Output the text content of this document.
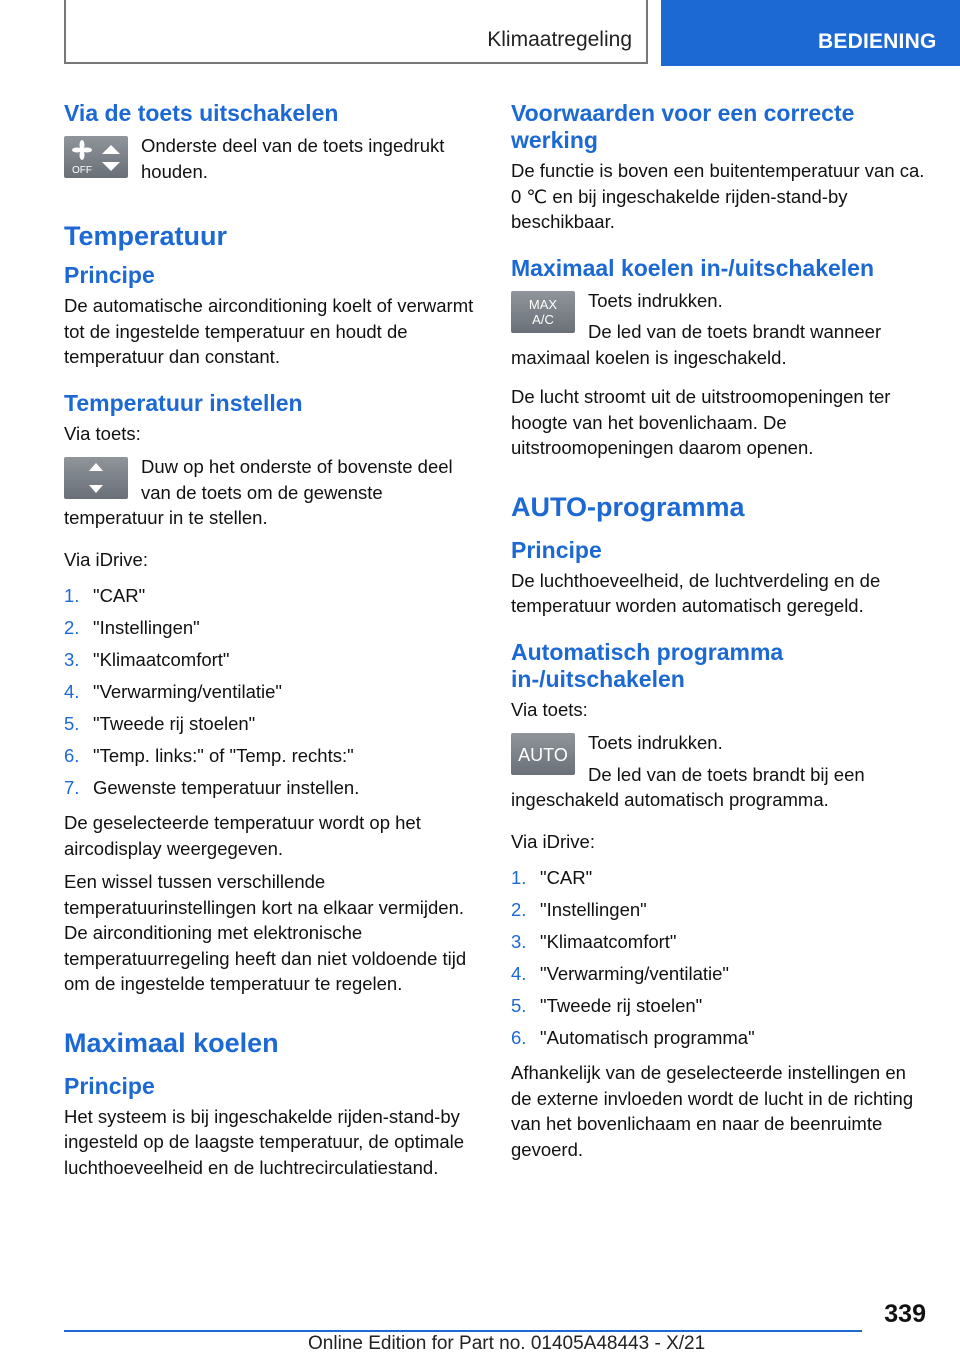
Klimaatregeling	BEDIENING
Via de toets uitschakelen
OFF

Onderste deel van de toets ingedrukt houden.

Temperatuur
Principe

De automatische airconditioning koelt of verwarmt tot de ingestelde temperatuur en houdt de temperatuur dan constant.

Temperatuur instellen

Via toets:

Duw op het onderste of bovenste deel van de toets om de gewenste temperatuur in te stellen.

Via iDrive:

1. "CAR"
2. "Instellingen"
3. "Klimaatcomfort"
4. "Verwarming/ventilatie"
5. "Tweede rij stoelen"
6. "Temp. links:" of "Temp. rechts:"
7. Gewenste temperatuur instellen.

De geselecteerde temperatuur wordt op het aircodisplay weergegeven.

Een wissel tussen verschillende temperatuurinstellingen kort na elkaar vermijden. De airconditioning met elektronische temperatuurregeling heeft dan niet voldoende tijd om de ingestelde temperatuur te regelen.

Maximaal koelen
Principe

Het systeem is bij ingeschakelde rijden-stand-by ingesteld op de laagste temperatuur, de optimale luchthoeveelheid en de luchtrecirculatiestand.

Voorwaarden voor een correcte werking

De functie is boven een buitentemperatuur van ca. 0 ℃ en bij ingeschakelde rijden-stand-by beschikbaar.

Maximaal koelen in-/uitschakelen
MAX
A/C

Toets indrukken.

De led van de toets brandt wanneer maximaal koelen is ingeschakeld.

De lucht stroomt uit de uitstroomopeningen ter hoogte van het bovenlichaam. De uitstroomopeningen daarom openen.

AUTO-programma
Principe

De luchthoeveelheid, de luchtverdeling en de temperatuur worden automatisch geregeld.

Automatisch programma in-/uitschakelen

Via toets:

AUTO

Toets indrukken.

De led van de toets brandt bij een ingeschakeld automatisch programma.

Via iDrive:

1. "CAR"
2. "Instellingen"
3. "Klimaatcomfort"
4. "Verwarming/ventilatie"
5. "Tweede rij stoelen"
6. "Automatisch programma"

Afhankelijk van de geselecteerde instellingen en de externe invloeden wordt de lucht in de richting van het bovenlichaam en naar de beenruimte gevoerd.

339
Online Edition for Part no. 01405A48443 - X/21
